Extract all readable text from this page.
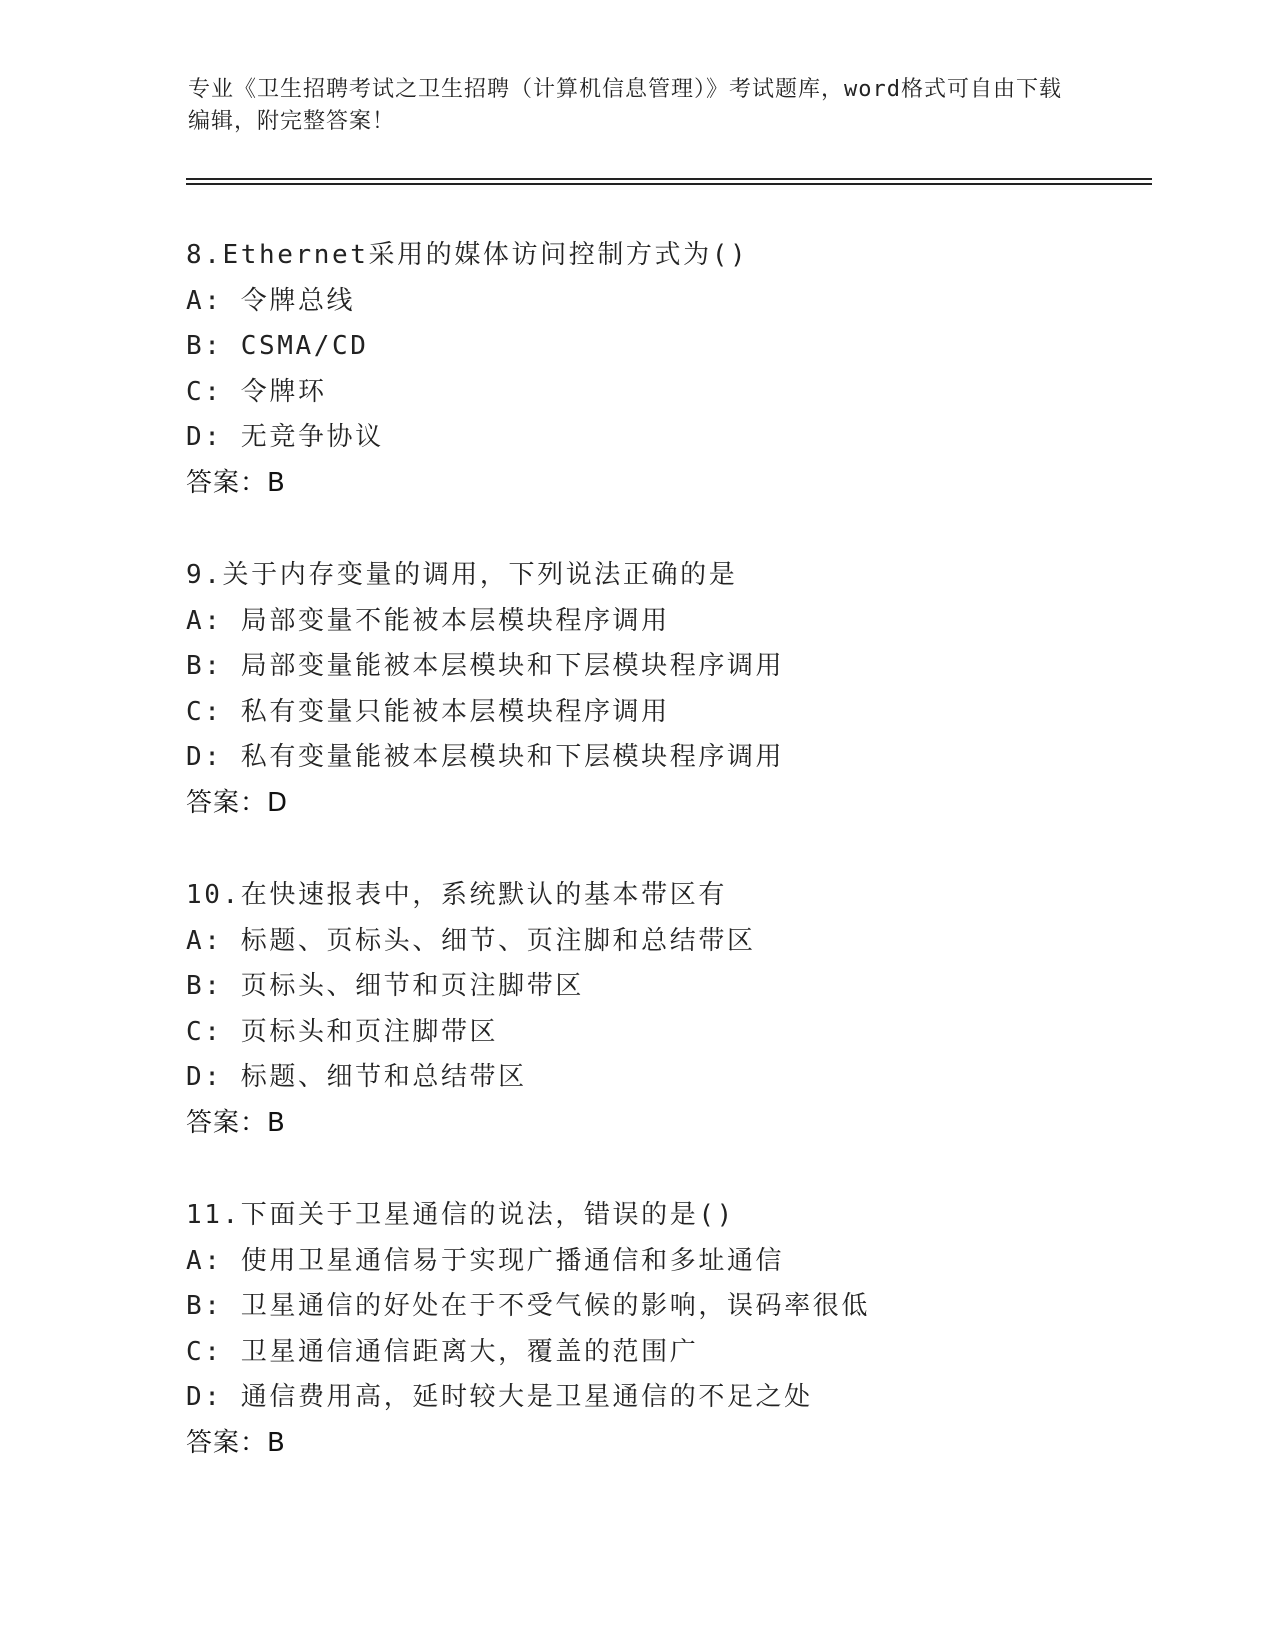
专业《卫生招聘考试之卫生招聘（计算机信息管理）》考试题库，word格式可自由下载编辑，附完整答案！
8.Ethernet采用的媒体访问控制方式为()
A: 令牌总线
B: CSMA/CD
C: 令牌环
D: 无竞争协议
答案：B
9.关于内存变量的调用，下列说法正确的是
A: 局部变量不能被本层模块程序调用
B: 局部变量能被本层模块和下层模块程序调用
C: 私有变量只能被本层模块程序调用
D: 私有变量能被本层模块和下层模块程序调用
答案：D
10.在快速报表中，系统默认的基本带区有
A: 标题、页标头、细节、页注脚和总结带区
B: 页标头、细节和页注脚带区
C: 页标头和页注脚带区
D: 标题、细节和总结带区
答案：B
11.下面关于卫星通信的说法，错误的是()
A: 使用卫星通信易于实现广播通信和多址通信
B: 卫星通信的好处在于不受气候的影响，误码率很低
C: 卫星通信通信距离大，覆盖的范围广
D: 通信费用高，延时较大是卫星通信的不足之处
答案：B
